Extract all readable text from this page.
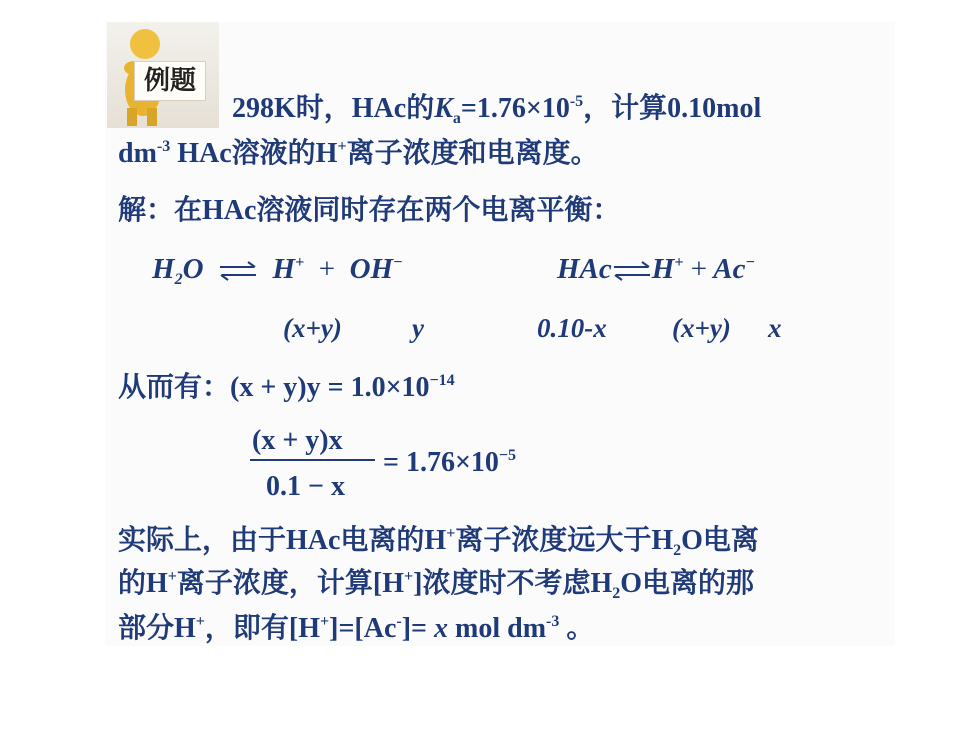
例题
298K时，HAc的$K_a=1.76\times 10^{-5}$，计算0.10mol
$dm^{-3}$ HAc溶液的H+离子浓度和电离度。
解：在HAc溶液同时存在两个电离平衡：
$H_2O$ ⇌ H+ + OH−	HAc⇌H+ + Ac−
(x+y)	y	0.10-x (x+y) x
从而有：$(x + y)y = 1.0\times 10^{-14}$
(x + y)x
0.1 − x
= $1.76\times 10^{-5}$
实际上，由于HAc电离的H+离子浓度远大于$H_2O$电离
的H+离子浓度，计算[H+]浓度时不考虑$H_2O$电离的那
部分H+，即有[H+]=[Ac-]= x mol $dm^{-3}$ 。
